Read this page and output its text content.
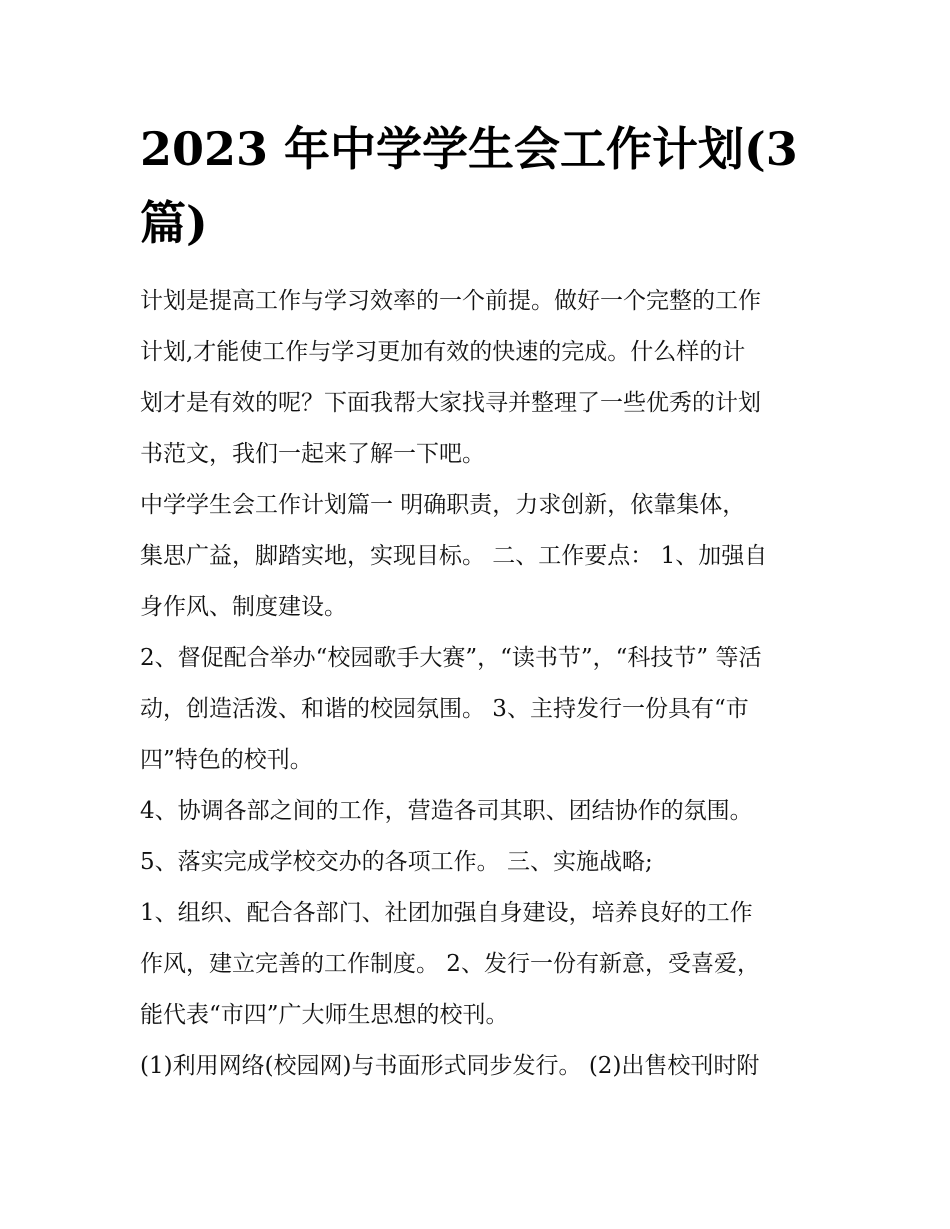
2023 年中学学生会工作计划(3
篇)
计划是提高工作与学习效率的一个前提。做好一个完整的工作
计划,才能使工作与学习更加有效的快速的完成。什么样的计
划才是有效的呢？下面我帮大家找寻并整理了一些优秀的计划
书范文，我们一起来了解一下吧。
中学学生会工作计划篇一 明确职责，力求创新，依靠集体，
集思广益，脚踏实地，实现目标。 二、工作要点： 1、加强自
身作风、制度建设。
2、督促配合举办“校园歌手大赛”，“读书节”，“科技节” 等活
动，创造活泼、和谐的校园氛围。 3、主持发行一份具有“市
四”特色的校刊。
4、协调各部之间的工作，营造各司其职、团结协作的氛围。
5、落实完成学校交办的各项工作。 三、实施战略;
1、组织、配合各部门、社团加强自身建设，培养良好的工作
作风，建立完善的工作制度。 2、发行一份有新意，受喜爱，
能代表“市四”广大师生思想的校刊。
(1)利用网络(校园网)与书面形式同步发行。 (2)出售校刊时附
